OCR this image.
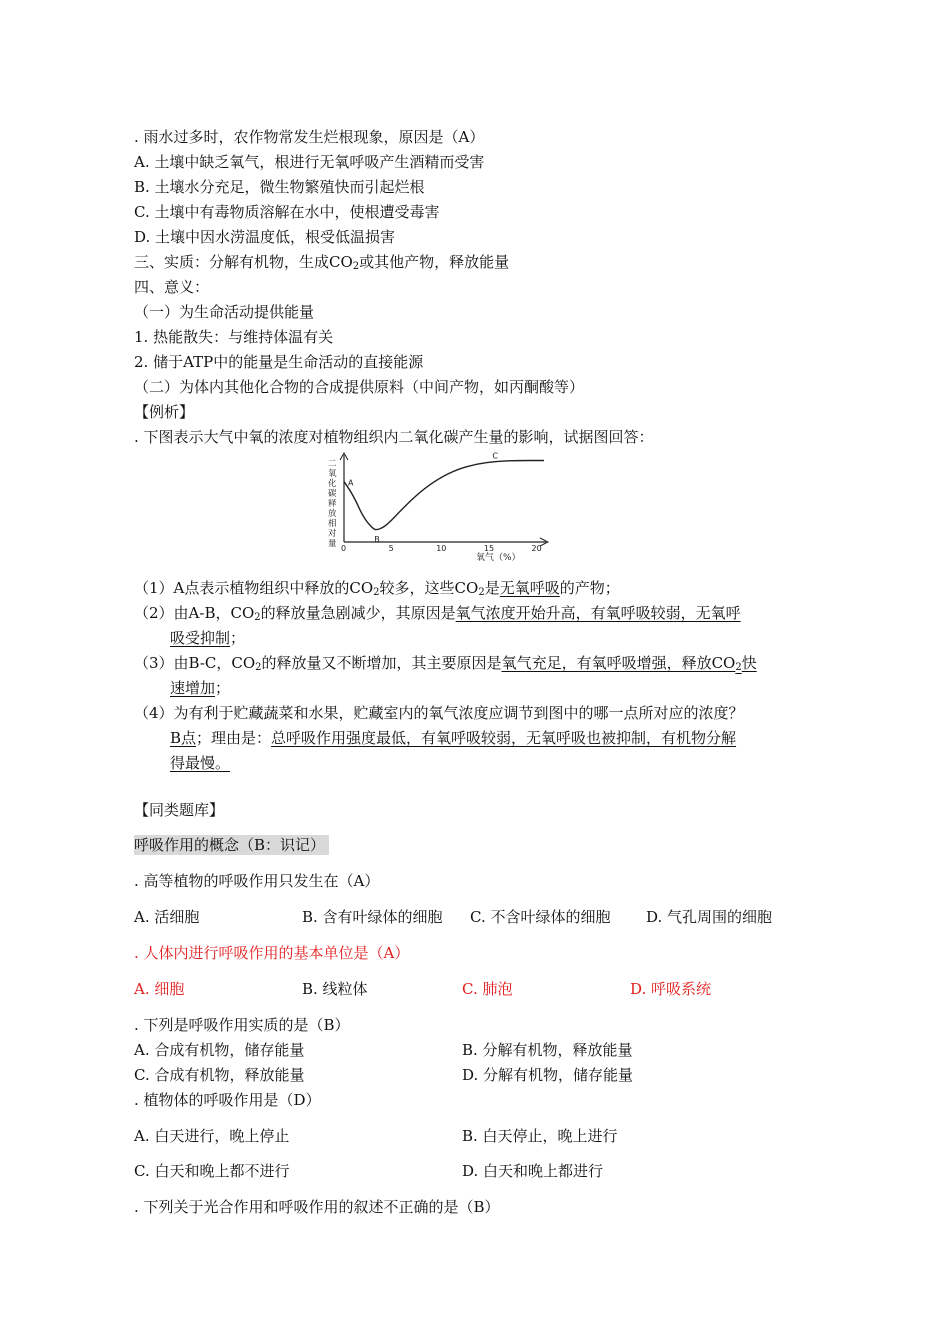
. 雨水过多时，农作物常发生烂根现象，原因是（A）
A. 土壤中缺乏氧气，根进行无氧呼吸产生酒精而受害
B. 土壤水分充足，微生物繁殖快而引起烂根
C. 土壤中有毒物质溶解在水中，使根遭受毒害
D. 土壤中因水涝温度低，根受低温损害
三、实质：分解有机物，生成$CO_2$或其他产物，释放能量
四、意义：
（一）为生命活动提供能量
1. 热能散失：与维持体温有关
2. 储于ATP中的能量是生命活动的直接能源
（二）为体内其他化合物的合成提供原料（中间产物，如丙酮酸等）
【例析】
. 下图表示大气中氧的浓度对植物组织内二氧化碳产生量的影响，试据图回答：
二
氧
化
碳
释
放
相
对
量 0	5	10	15	20
A
B
C
氧气（%）
（1）A点表示植物组织中释放的$CO_2$较多，这些$CO_2$是无氧呼吸的产物；
（2）由A-B，$CO_2$的释放量急剧减少，其原因是氧气浓度开始升高，有氧呼吸较弱，无氧呼
吸受抑制；
（3）由B-C，$CO_2$的释放量又不断增加，其主要原因是氧气充足，有氧呼吸增强，释放$CO_2$快
速增加；
（4）为有利于贮藏蔬菜和水果，贮藏室内的氧气浓度应调节到图中的哪一点所对应的浓度？
B点；理由是：总呼吸作用强度最低，有氧呼吸较弱，无氧呼吸也被抑制，有机物分解
得最慢。
【同类题库】
呼吸作用的概念（B：识记）
. 高等植物的呼吸作用只发生在（A）
A. 活细胞	B. 含有叶绿体的细胞 C. 不含叶绿体的细胞 D. 气孔周围的细胞
. 人体内进行呼吸作用的基本单位是（A）
A. 细胞	B. 线粒体	C. 肺泡	D. 呼吸系统
. 下列是呼吸作用实质的是（B）
A. 合成有机物，储存能量	B. 分解有机物，释放能量
C. 合成有机物，释放能量	D. 分解有机物，储存能量
. 植物体的呼吸作用是（D）
A. 白天进行，晚上停止	B. 白天停止，晚上进行
C. 白天和晚上都不进行	D. 白天和晚上都进行
. 下列关于光合作用和呼吸作用的叙述不正确的是（B）
